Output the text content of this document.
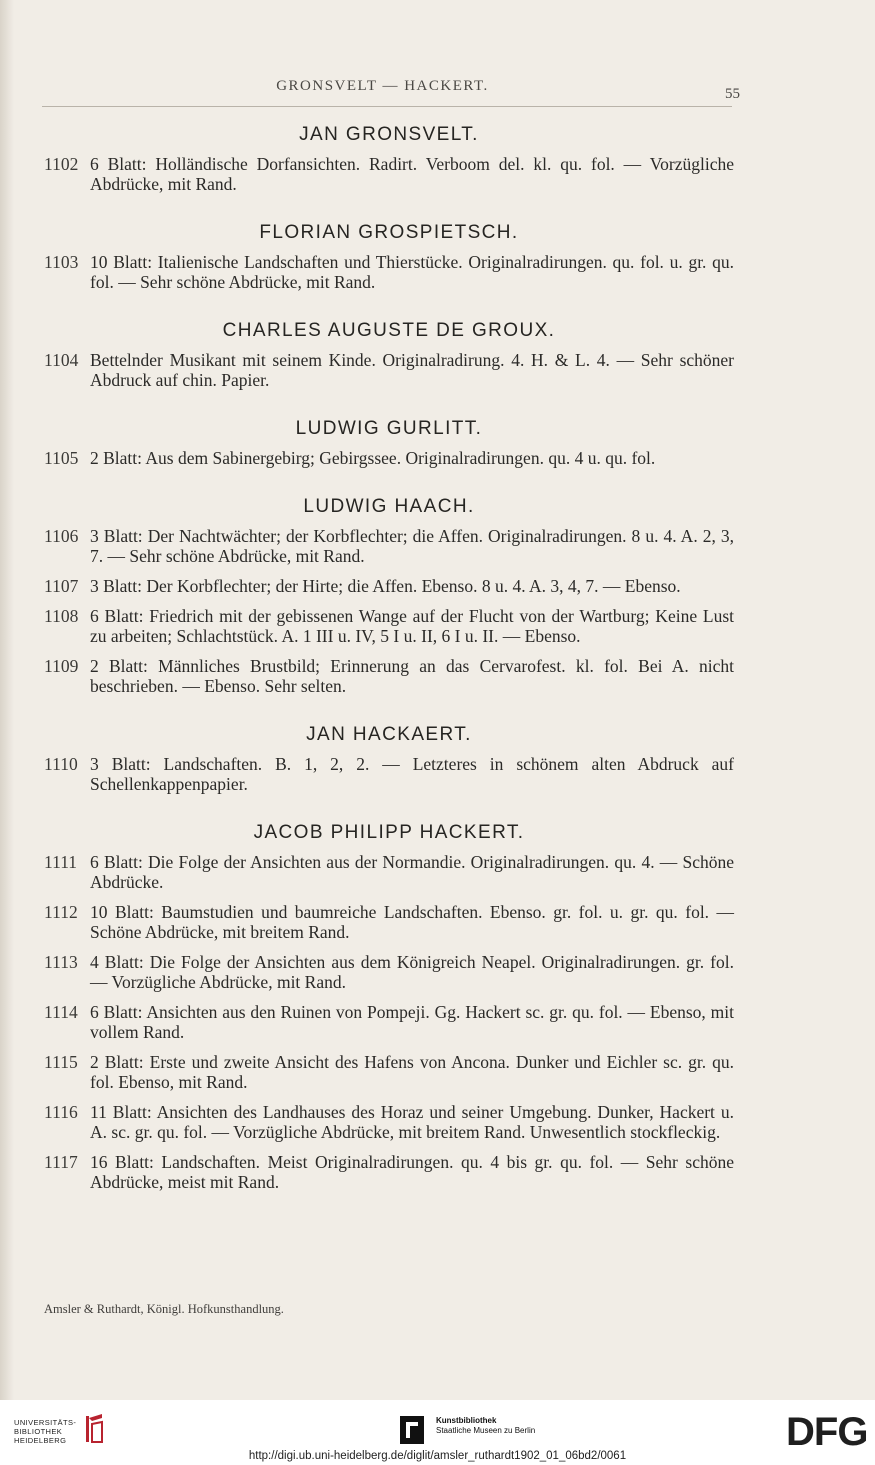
GRONSVELT — HACKERT.	55
JAN GRONSVELT.
1102 6 Blatt: Holländische Dorfansichten. Radirt. Verboom del. kl. qu. fol. — Vorzügliche Abdrücke, mit Rand.
FLORIAN GROSPIETSCH.
1103 10 Blatt: Italienische Landschaften und Thierstücke. Originalradirungen. qu. fol. u. gr. qu. fol. — Sehr schöne Abdrücke, mit Rand.
CHARLES AUGUSTE DE GROUX.
1104 Bettelnder Musikant mit seinem Kinde. Originalradirung. 4. H. & L. 4. — Sehr schöner Abdruck auf chin. Papier.
LUDWIG GURLITT.
1105 2 Blatt: Aus dem Sabinergebirg; Gebirgssee. Originalradirungen. qu. 4 u. qu. fol.
LUDWIG HAACH.
1106 3 Blatt: Der Nachtwächter; der Korbflechter; die Affen. Originalradirungen. 8 u. 4. A. 2, 3, 7. — Sehr schöne Abdrücke, mit Rand.
1107 3 Blatt: Der Korbflechter; der Hirte; die Affen. Ebenso. 8 u. 4. A. 3, 4, 7. — Ebenso.
1108 6 Blatt: Friedrich mit der gebissenen Wange auf der Flucht von der Wartburg; Keine Lust zu arbeiten; Schlachtstück. A. 1 III u. IV, 5 I u. II, 6 I u. II. — Ebenso.
1109 2 Blatt: Männliches Brustbild; Erinnerung an das Cervarofest. kl. fol. Bei A. nicht beschrieben. — Ebenso. Sehr selten.
JAN HACKAERT.
1110 3 Blatt: Landschaften. B. 1, 2, 2. — Letzteres in schönem alten Abdruck auf Schellenkappenpapier.
JACOB PHILIPP HACKERT.
1111 6 Blatt: Die Folge der Ansichten aus der Normandie. Originalradirungen. qu. 4. — Schöne Abdrücke.
1112 10 Blatt: Baumstudien und baumreiche Landschaften. Ebenso. gr. fol. u. gr. qu. fol. — Schöne Abdrücke, mit breitem Rand.
1113 4 Blatt: Die Folge der Ansichten aus dem Königreich Neapel. Originalradirungen. gr. fol. — Vorzügliche Abdrücke, mit Rand.
1114 6 Blatt: Ansichten aus den Ruinen von Pompeji. Gg. Hackert sc. gr. qu. fol. — Ebenso, mit vollem Rand.
1115 2 Blatt: Erste und zweite Ansicht des Hafens von Ancona. Dunker und Eichler sc. gr. qu. fol. Ebenso, mit Rand.
1116 11 Blatt: Ansichten des Landhauses des Horaz und seiner Umgebung. Dunker, Hackert u. A. sc. gr. qu. fol. — Vorzügliche Abdrücke, mit breitem Rand. Unwesentlich stockfleckig.
1117 16 Blatt: Landschaften. Meist Originalradirungen. qu. 4 bis gr. qu. fol. — Sehr schöne Abdrücke, meist mit Rand.
Amsler & Ruthardt, Königl. Hofkunsthandlung.
UNIVERSITÄTS-
BIBLIOTHEK
HEIDELBERG
Kunstbibliothek
Staatliche Museen zu Berlin	DFG
http://digi.ub.uni-heidelberg.de/diglit/amsler_ruthardt1902_01_06bd2/0061
